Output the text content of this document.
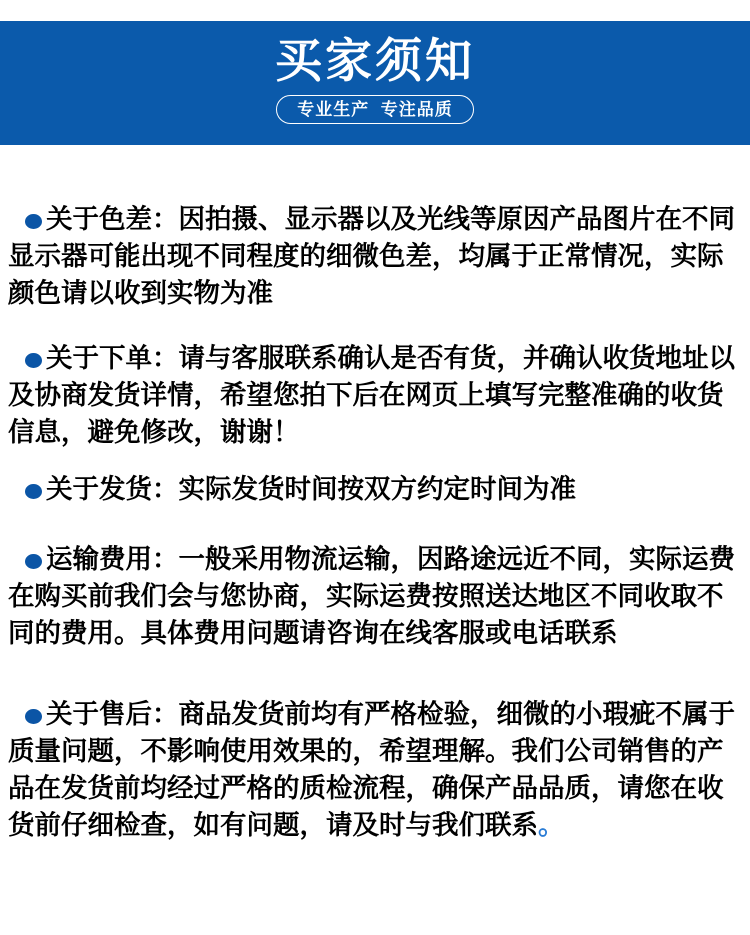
买家须知
专业生产  专注品质

关于色差：因拍摄、显示器以及光线等原因产品图片在不同显示器可能出现不同程度的细微色差，均属于正常情况，实际颜色请以收到实物为准

关于下单：请与客服联系确认是否有货，并确认收货地址以及协商发货详情，希望您拍下后在网页上填写完整准确的收货信息，避免修改，谢谢！

关于发货：实际发货时间按双方约定时间为准

运输费用：一般采用物流运输，因路途远近不同，实际运费在购买前我们会与您协商，实际运费按照送达地区不同收取不同的费用。具体费用问题请咨询在线客服或电话联系

关于售后：商品发货前均有严格检验，细微的小瑕疵不属于质量问题，不影响使用效果的，希望理解。我们公司销售的产品在发货前均经过严格的质检流程，确保产品品质，请您在收货前仔细检查，如有问题，请及时与我们联系。
